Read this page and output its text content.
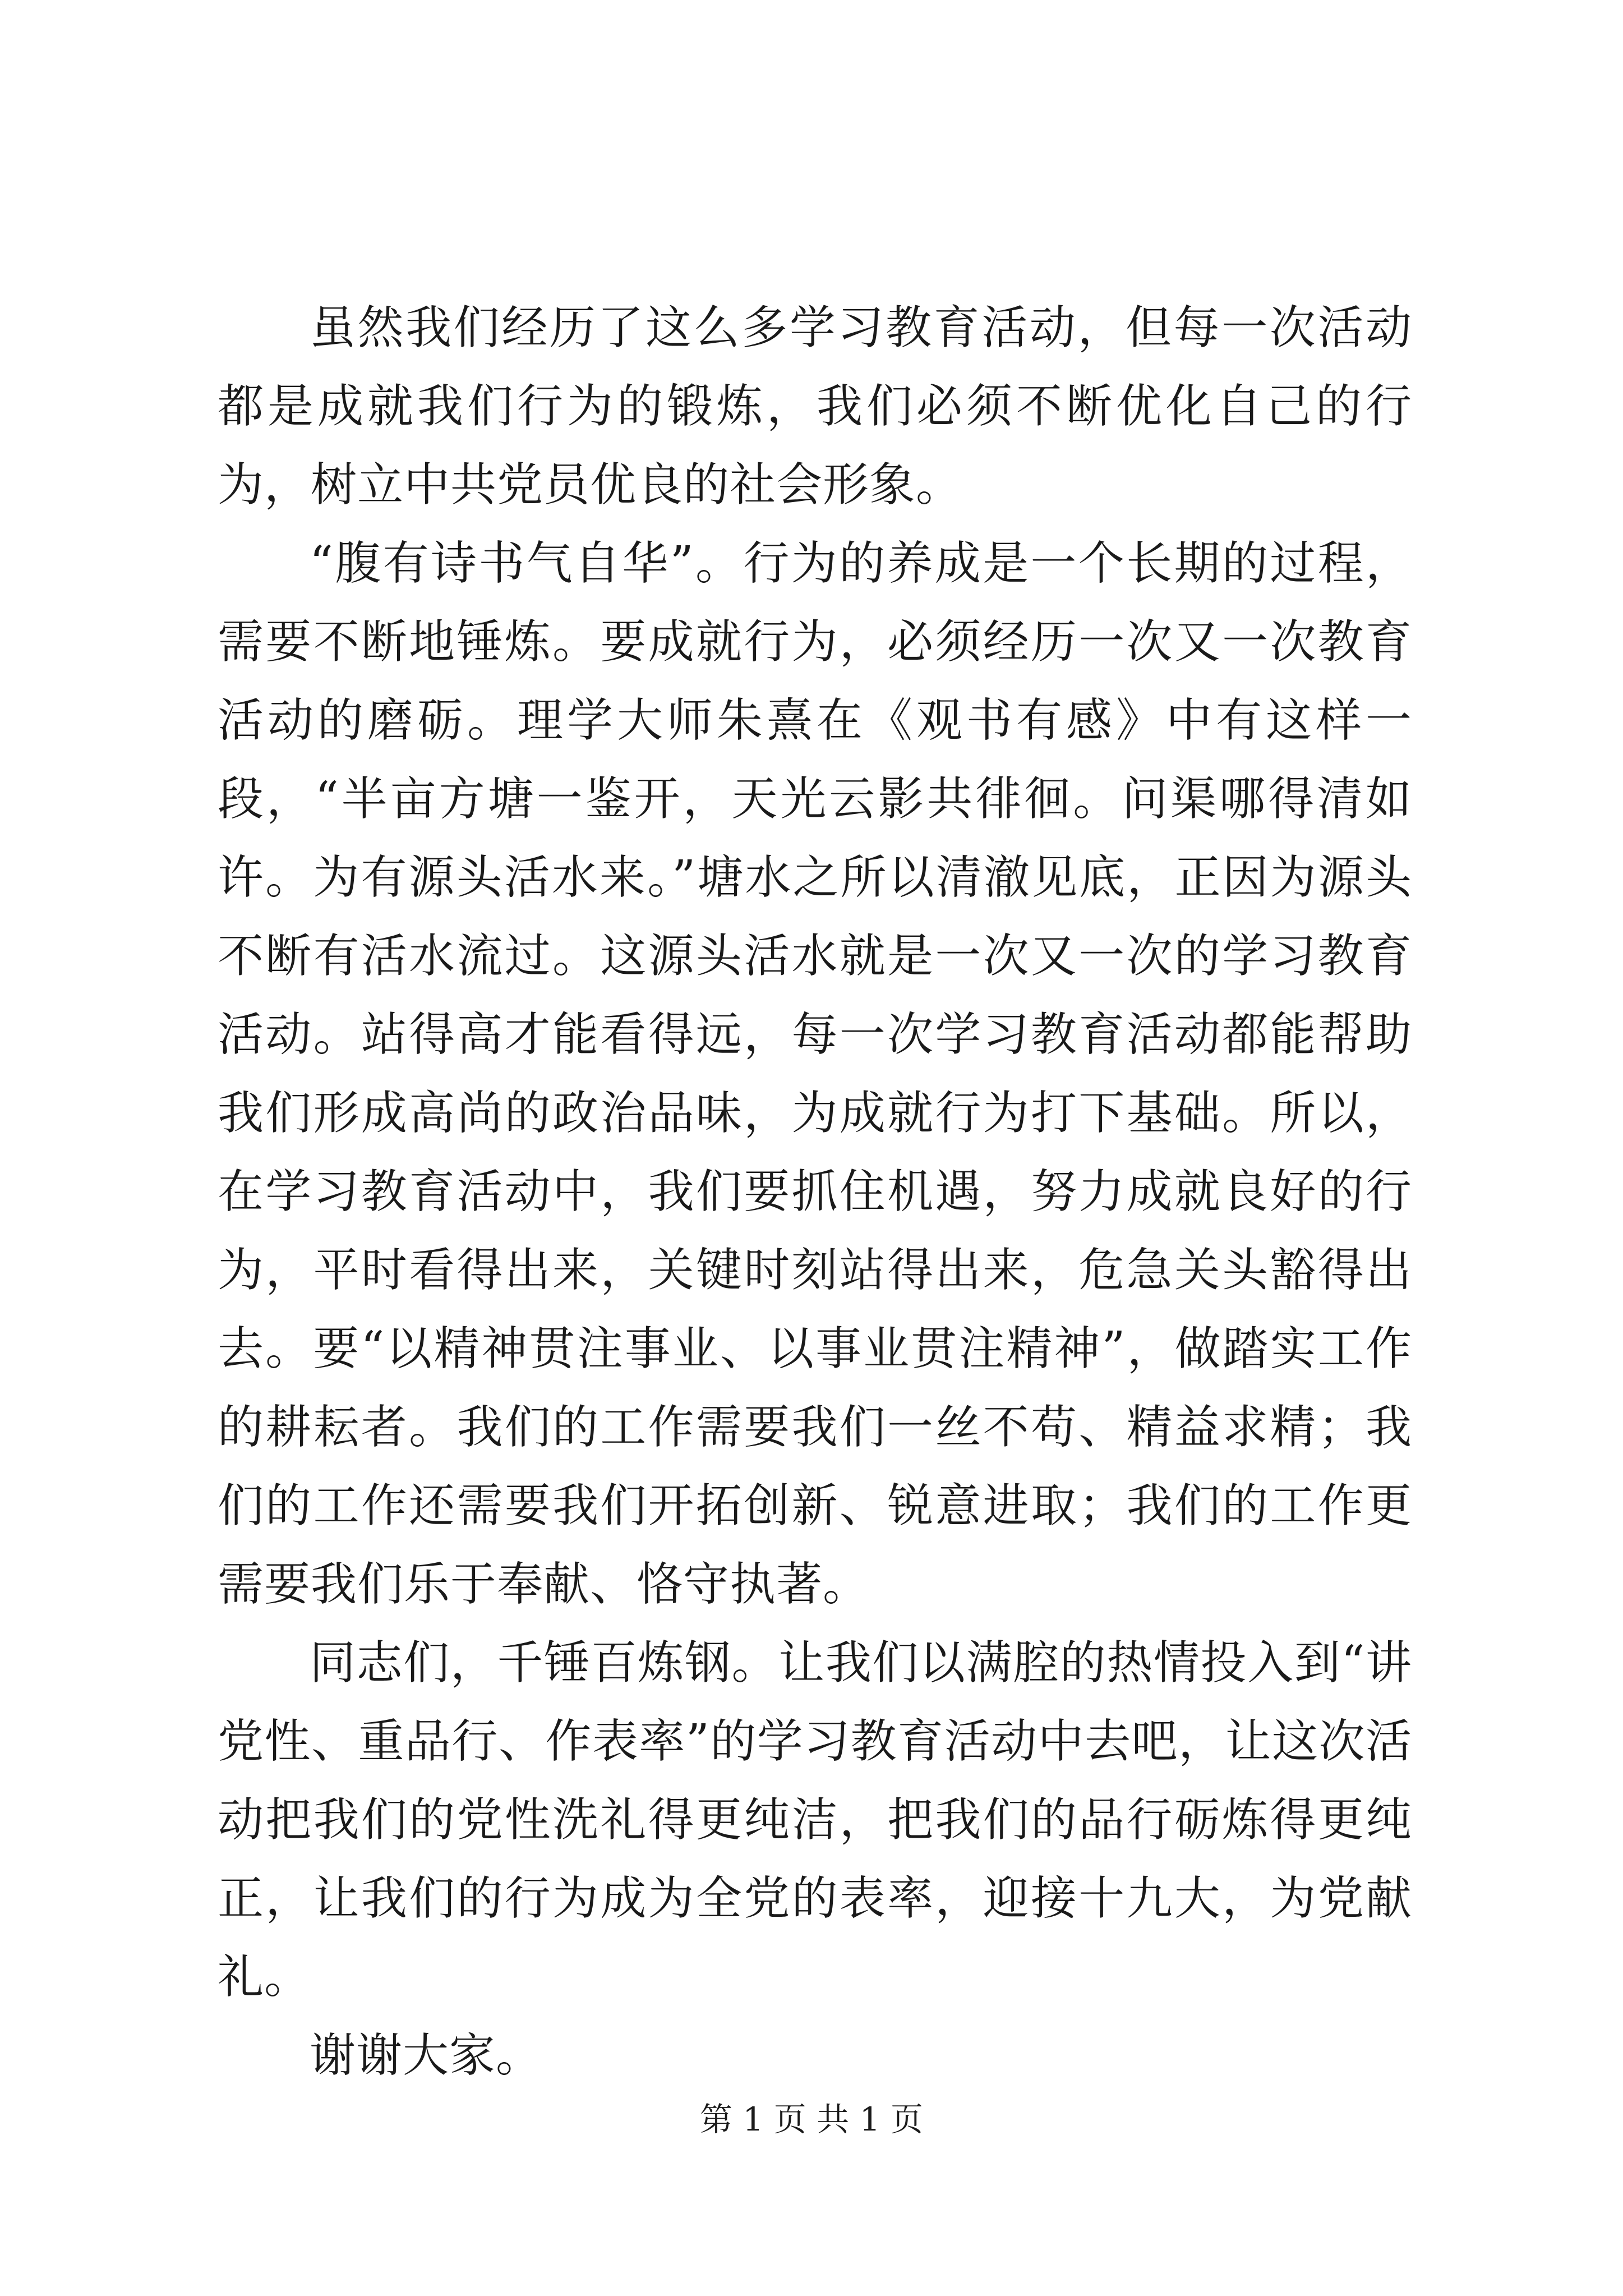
虽然我们经历了这么多学习教育活动，但每一次活动都是成就我们行为的锻炼，我们必须不断优化自己的行为，树立中共党员优良的社会形象。

“腹有诗书气自华”。行为的养成是一个长期的过程，需要不断地锤炼。要成就行为，必须经历一次又一次教育活动的磨砺。理学大师朱熹在《观书有感》中有这样一段，“半亩方塘一鉴开，天光云影共徘徊。问渠哪得清如许。为有源头活水来。”塘水之所以清澈见底，正因为源头不断有活水流过。这源头活水就是一次又一次的学习教育活动。站得高才能看得远，每一次学习教育活动都能帮助我们形成高尚的政治品味，为成就行为打下基础。所以，在学习教育活动中，我们要抓住机遇，努力成就良好的行为，平时看得出来，关键时刻站得出来，危急关头豁得出去。要“以精神贯注事业、以事业贯注精神”，做踏实工作的耕耘者。我们的工作需要我们一丝不苟、精益求精；我们的工作还需要我们开拓创新、锐意进取；我们的工作更需要我们乐于奉献、恪守执著。

同志们，千锤百炼钢。让我们以满腔的热情投入到“讲党性、重品行、作表率”的学习教育活动中去吧，让这次活动把我们的党性洗礼得更纯洁，把我们的品行砺炼得更纯正，让我们的行为成为全党的表率，迎接十九大，为党献礼。

谢谢大家。

第 1 页 共 1 页
